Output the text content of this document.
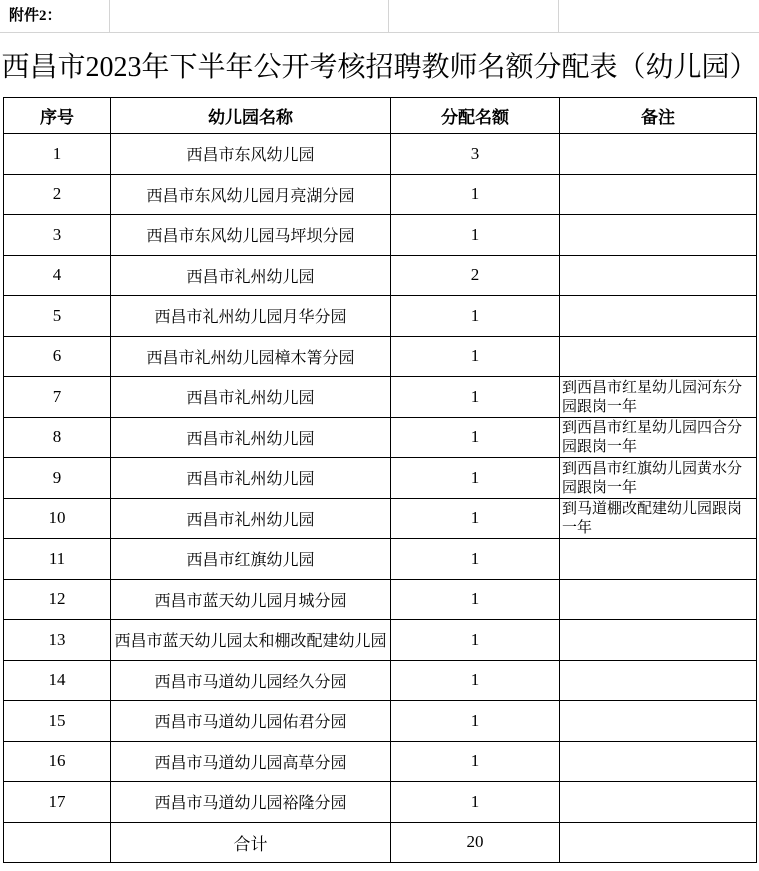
附件2：
西昌市2023年下半年公开考核招聘教师名额分配表（幼儿园）
序号	幼儿园名称	分配名额	备注
1	西昌市东风幼儿园	3	
2	西昌市东风幼儿园月亮湖分园	1	
3	西昌市东风幼儿园马坪坝分园	1	
4	西昌市礼州幼儿园	2	
5	西昌市礼州幼儿园月华分园	1	
6	西昌市礼州幼儿园樟木箐分园	1	
7	西昌市礼州幼儿园	1	到西昌市红星幼儿园河东分园跟岗一年
8	西昌市礼州幼儿园	1	到西昌市红星幼儿园四合分园跟岗一年
9	西昌市礼州幼儿园	1	到西昌市红旗幼儿园黄水分园跟岗一年
10	西昌市礼州幼儿园	1	到马道棚改配建幼儿园跟岗一年
11	西昌市红旗幼儿园	1	
12	西昌市蓝天幼儿园月城分园	1	
13	西昌市蓝天幼儿园太和棚改配建幼儿园	1	
14	西昌市马道幼儿园经久分园	1	
15	西昌市马道幼儿园佑君分园	1	
16	西昌市马道幼儿园高草分园	1	
17	西昌市马道幼儿园裕隆分园	1	
	合计	20	
